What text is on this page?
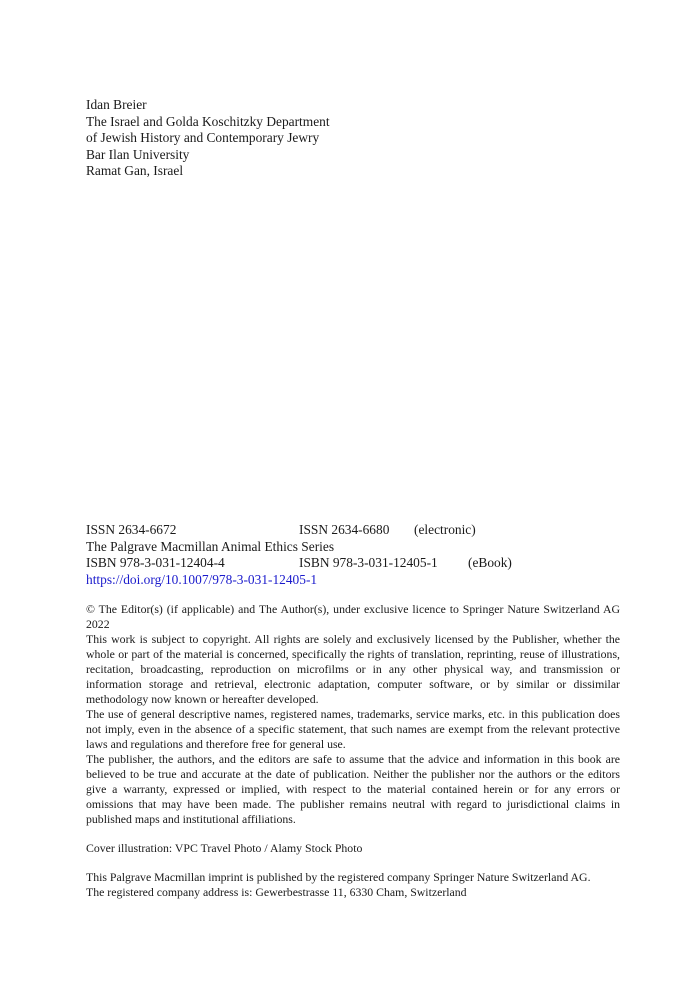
Idan Breier
The Israel and Golda Koschitzky Department
of Jewish History and Contemporary Jewry
Bar Ilan University
Ramat Gan, Israel
ISSN 2634-6672	ISSN 2634-6680 (electronic)
The Palgrave Macmillan Animal Ethics Series
ISBN 978-3-031-12404-4	ISBN 978-3-031-12405-1 (eBook)
https://doi.org/10.1007/978-3-031-12405-1

© The Editor(s) (if applicable) and The Author(s), under exclusive licence to Springer Nature Switzerland AG 2022

This work is subject to copyright. All rights are solely and exclusively licensed by the Publisher, whether the whole or part of the material is concerned, specifically the rights of translation, reprinting, reuse of illustrations, recitation, broadcasting, reproduction on microfilms or in any other physical way, and transmission or information storage and retrieval, electronic adaptation, computer software, or by similar or dissimilar methodology now known or hereafter developed.

The use of general descriptive names, registered names, trademarks, service marks, etc. in this publication does not imply, even in the absence of a specific statement, that such names are exempt from the relevant protective laws and regulations and therefore free for general use.

The publisher, the authors, and the editors are safe to assume that the advice and information in this book are believed to be true and accurate at the date of publication. Neither the publisher nor the authors or the editors give a warranty, expressed or implied, with respect to the material contained herein or for any errors or omissions that may have been made. The publisher remains neutral with regard to jurisdictional claims in published maps and institutional affiliations.

Cover illustration: VPC Travel Photo / Alamy Stock Photo

This Palgrave Macmillan imprint is published by the registered company Springer Nature Switzerland AG.

The registered company address is: Gewerbestrasse 11, 6330 Cham, Switzerland
